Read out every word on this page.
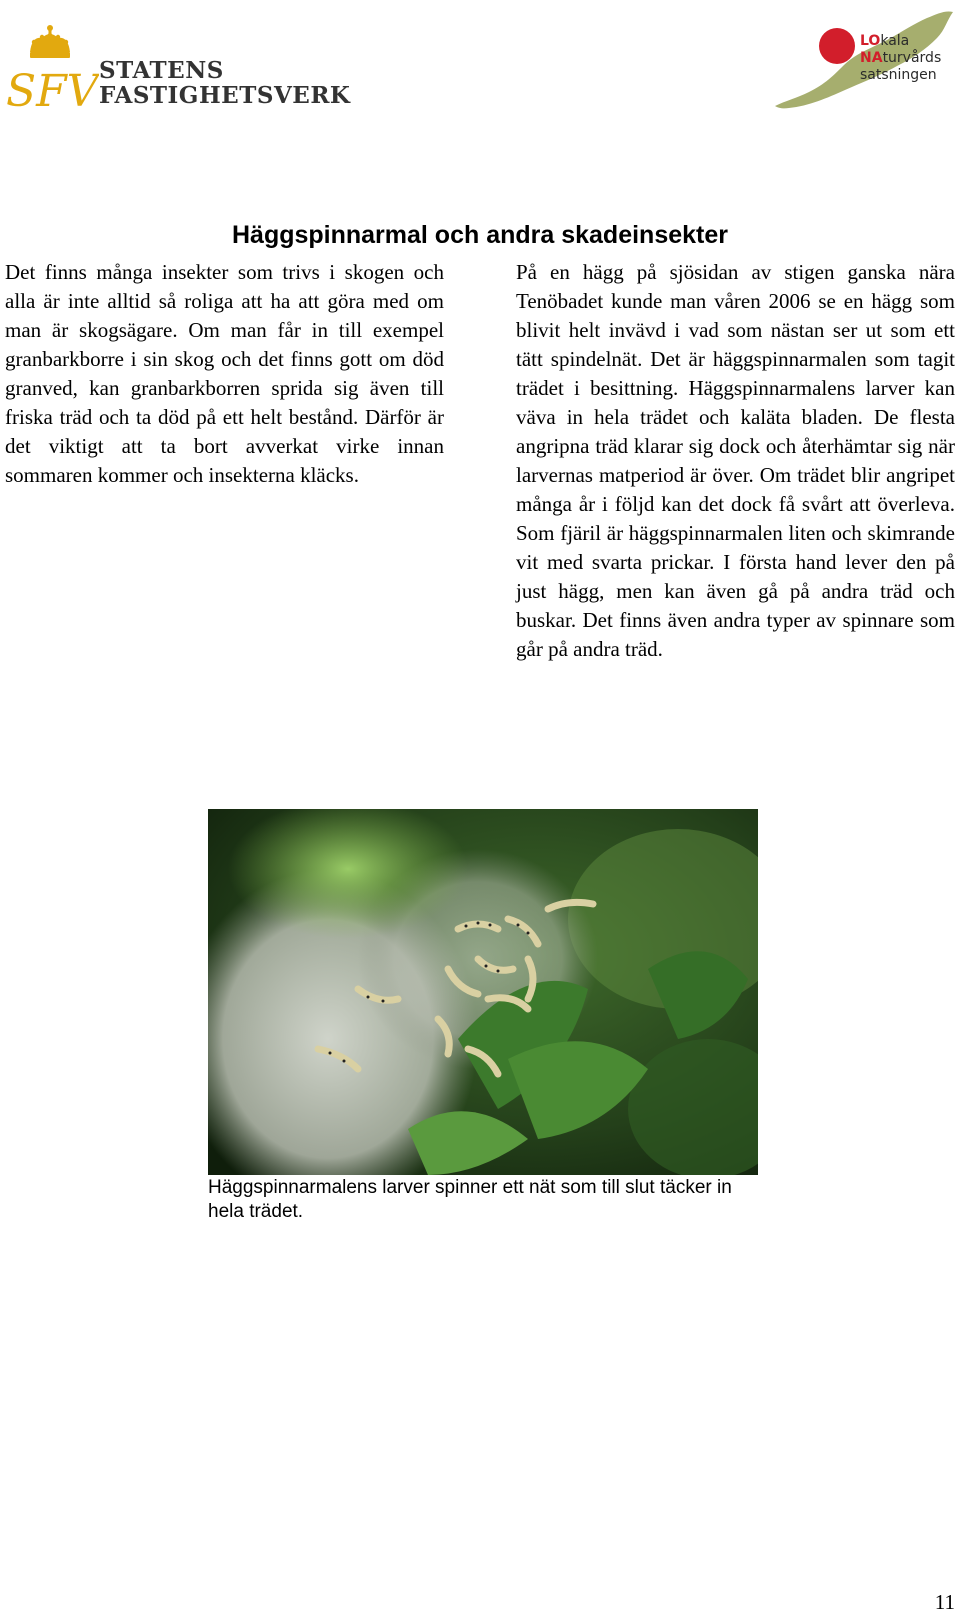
SFV STATENS
FASTIGHETSVERK
LOkala
NAturvårds
satsningen
Häggspinnarmal och andra skadeinsekter

Det finns många insekter som trivs i skogen och alla är inte alltid så roliga att ha att göra med om man är skogsägare. Om man får in till exempel granbarkborre i sin skog och det finns gott om död granved, kan granbarkborren sprida sig även till friska träd och ta död på ett helt bestånd. Därför är det viktigt att ta bort avverkat virke innan sommaren kommer och insekterna kläcks.

På en hägg på sjösidan av stigen ganska nära Tenöbadet kunde man våren 2006 se en hägg som blivit helt invävd i vad som nästan ser ut som ett tätt spindelnät. Det är häggspinnarmalen som tagit trädet i besittning. Häggspinnarmalens larver kan väva in hela trädet och kaläta bladen. De flesta angripna träd klarar sig dock och återhämtar sig när larvernas matperiod är över. Om trädet blir angripet många år i följd kan det dock få svårt att överleva. Som fjäril är häggspinnarmalen liten och skimrande vit med svarta prickar. I första hand lever den på just hägg, men kan även gå på andra träd och buskar. Det finns även andra typer av spinnare som går på andra träd.

Häggspinnarmalens larver spinner ett nät som till slut täcker in hela trädet.

11
